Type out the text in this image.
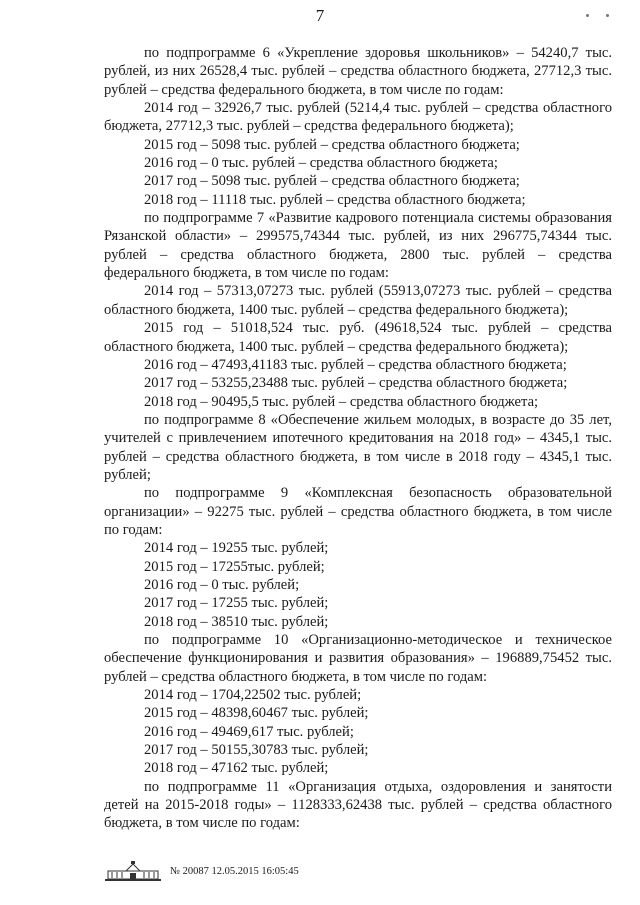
7

по подпрограмме 6 «Укрепление здоровья школьников» – 54240,7 тыс. рублей, из них 26528,4 тыс. рублей – средства областного бюджета, 27712,3 тыс. рублей – средства федерального бюджета, в том числе по годам:

2014 год – 32926,7 тыс. рублей (5214,4 тыс. рублей – средства областного бюджета, 27712,3 тыс. рублей – средства федерального бюджета);

2015 год – 5098 тыс. рублей – средства областного бюджета;

2016 год – 0 тыс. рублей – средства областного бюджета;

2017 год – 5098 тыс. рублей – средства областного бюджета;

2018 год – 11118 тыс. рублей – средства областного бюджета;

по подпрограмме 7 «Развитие кадрового потенциала системы образования Рязанской области» – 299575,74344 тыс. рублей, из них 296775,74344 тыс. рублей – средства областного бюджета, 2800 тыс. рублей – средства федерального бюджета, в том числе по годам:

2014 год – 57313,07273 тыс. рублей (55913,07273 тыс. рублей – средства областного бюджета, 1400 тыс. рублей – средства федерального бюджета);

2015 год – 51018,524 тыс. руб. (49618,524 тыс. рублей – средства областного бюджета, 1400 тыс. рублей – средства федерального бюджета);

2016 год – 47493,41183 тыс. рублей – средства областного бюджета;

2017 год – 53255,23488 тыс. рублей – средства областного бюджета;

2018 год – 90495,5 тыс. рублей – средства областного бюджета;

по подпрограмме 8 «Обеспечение жильем молодых, в возрасте до 35 лет, учителей с привлечением ипотечного кредитования на 2018 год» – 4345,1 тыс. рублей – средства областного бюджета, в том числе в 2018 году – 4345,1 тыс. рублей;

по подпрограмме 9 «Комплексная безопасность образовательной организации» – 92275 тыс. рублей – средства областного бюджета, в том числе по годам:

2014 год – 19255 тыс. рублей;

2015 год – 17255тыс. рублей;

2016 год – 0 тыс. рублей;

2017 год – 17255 тыс. рублей;

2018 год – 38510 тыс. рублей;

по подпрограмме 10 «Организационно-методическое и техническое обеспечение функционирования и развития образования» – 196889,75452 тыс. рублей – средства областного бюджета, в том числе по годам:

2014 год – 1704,22502 тыс. рублей;

2015 год – 48398,60467 тыс. рублей;

2016 год – 49469,617 тыс. рублей;

2017 год – 50155,30783 тыс. рублей;

2018 год – 47162 тыс. рублей;

по подпрограмме 11 «Организация отдыха, оздоровления и занятости детей на 2015-2018 годы» – 1128333,62438 тыс. рублей – средства областного бюджета, в том числе по годам:

№ 20087 12.05.2015 16:05:45
